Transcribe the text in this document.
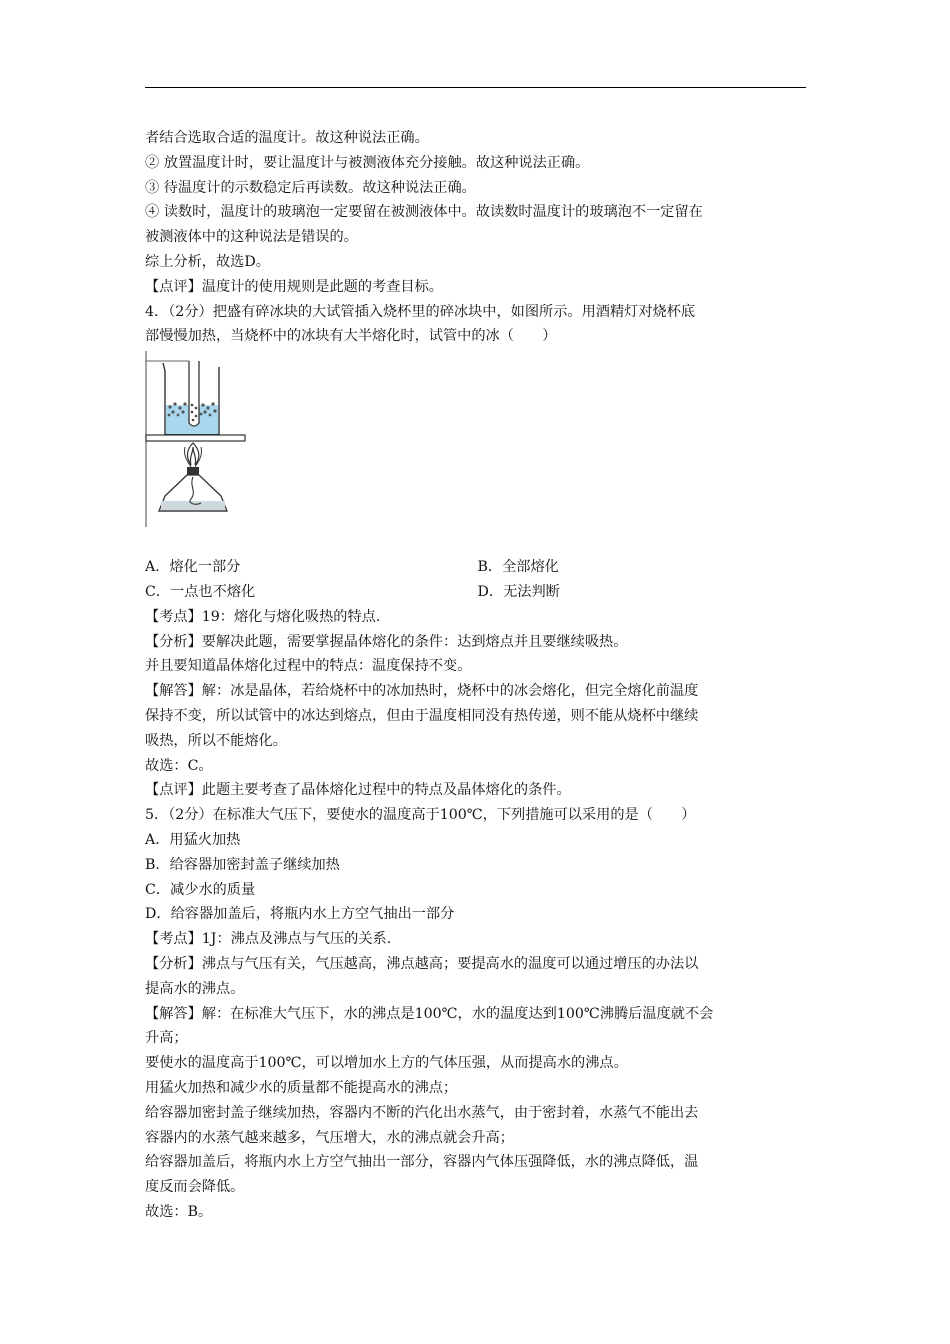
者结合选取合适的温度计。故这种说法正确。
② 放置温度计时，要让温度计与被测液体充分接触。故这种说法正确。
③ 待温度计的示数稳定后再读数。故这种说法正确。
④ 读数时，温度计的玻璃泡一定要留在被测液体中。故读数时温度计的玻璃泡不一定留在
被测液体中的这种说法是错误的。
综上分析，故选D。
【点评】温度计的使用规则是此题的考查目标。
4．（2分）把盛有碎冰块的大试管插入烧杯里的碎冰块中，如图所示。用酒精灯对烧杯底
部慢慢加热，当烧杯中的冰块有大半熔化时，试管中的冰（　　）
A．熔化一部分	B．全部熔化
C．一点也不熔化	D．无法判断
【考点】19：熔化与熔化吸热的特点.
【分析】要解决此题，需要掌握晶体熔化的条件：达到熔点并且要继续吸热。
并且要知道晶体熔化过程中的特点：温度保持不变。
【解答】解：冰是晶体，若给烧杯中的冰加热时，烧杯中的冰会熔化，但完全熔化前温度
保持不变，所以试管中的冰达到熔点，但由于温度相同没有热传递，则不能从烧杯中继续
吸热，所以不能熔化。
故选：C。
【点评】此题主要考查了晶体熔化过程中的特点及晶体熔化的条件。
5．（2分）在标准大气压下，要使水的温度高于100℃，下列措施可以采用的是（　　）
A．用猛火加热
B．给容器加密封盖子继续加热
C．减少水的质量
D．给容器加盖后，将瓶内水上方空气抽出一部分
【考点】1J：沸点及沸点与气压的关系.
【分析】沸点与气压有关，气压越高，沸点越高；要提高水的温度可以通过增压的办法以
提高水的沸点。
【解答】解：在标准大气压下，水的沸点是100℃，水的温度达到100℃沸腾后温度就不会
升高；
要使水的温度高于100℃，可以增加水上方的气体压强，从而提高水的沸点。
用猛火加热和减少水的质量都不能提高水的沸点；
给容器加密封盖子继续加热，容器内不断的汽化出水蒸气，由于密封着，水蒸气不能出去
容器内的水蒸气越来越多，气压增大，水的沸点就会升高；
给容器加盖后，将瓶内水上方空气抽出一部分，容器内气体压强降低，水的沸点降低，温
度反而会降低。
故选：B。
